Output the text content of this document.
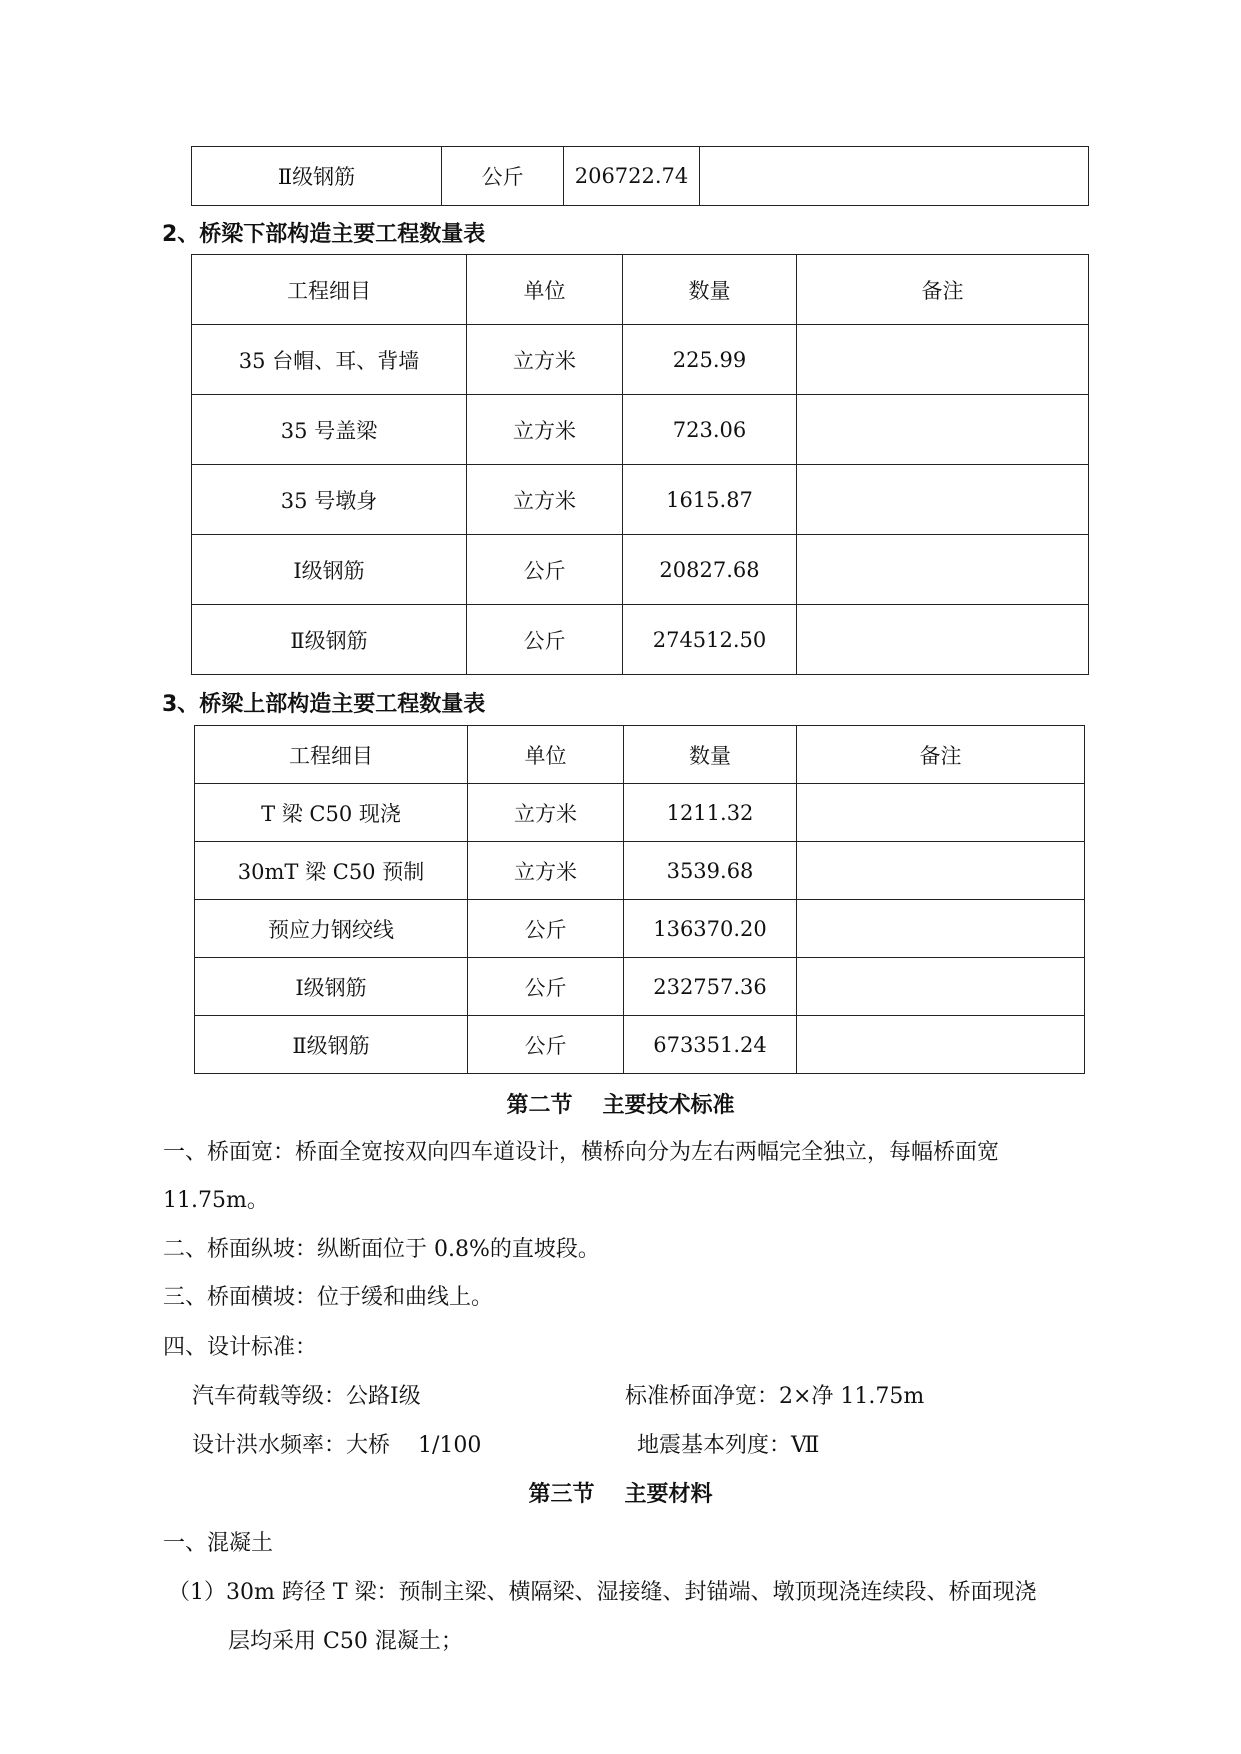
Ⅱ级钢筋	公斤	206722.74	
2、桥梁下部构造主要工程数量表
工程细目	单位	数量	备注
35 台帽、耳、背墙	立方米	225.99	
35 号盖梁	立方米	723.06	
35 号墩身	立方米	1615.87	
Ⅰ级钢筋	公斤	20827.68	
Ⅱ级钢筋	公斤	274512.50	
3、桥梁上部构造主要工程数量表
工程细目	单位	数量	备注
T 梁 C50 现浇	立方米	1211.32	
30mT 梁 C50 预制	立方米	3539.68	
预应力钢绞线	公斤	136370.20	
Ⅰ级钢筋	公斤	232757.36	
Ⅱ级钢筋	公斤	673351.24	
第二节 主要技术标准

一、桥面宽：桥面全宽按双向四车道设计，横桥向分为左右两幅完全独立，每幅桥面宽

11.75m。

二、桥面纵坡：纵断面位于 0.8%的直坡段。

三、桥面横坡：位于缓和曲线上。

四、设计标准：

汽车荷载等级：公路Ⅰ级	标准桥面净宽：2×净 11.75m

设计洪水频率：大桥    1/100	地震基本列度：Ⅶ

第三节 主要材料

一、混凝土

（1）30m 跨径 T 梁：预制主梁、横隔梁、湿接缝、封锚端、墩顶现浇连续段、桥面现浇

层均采用 C50 混凝土；
